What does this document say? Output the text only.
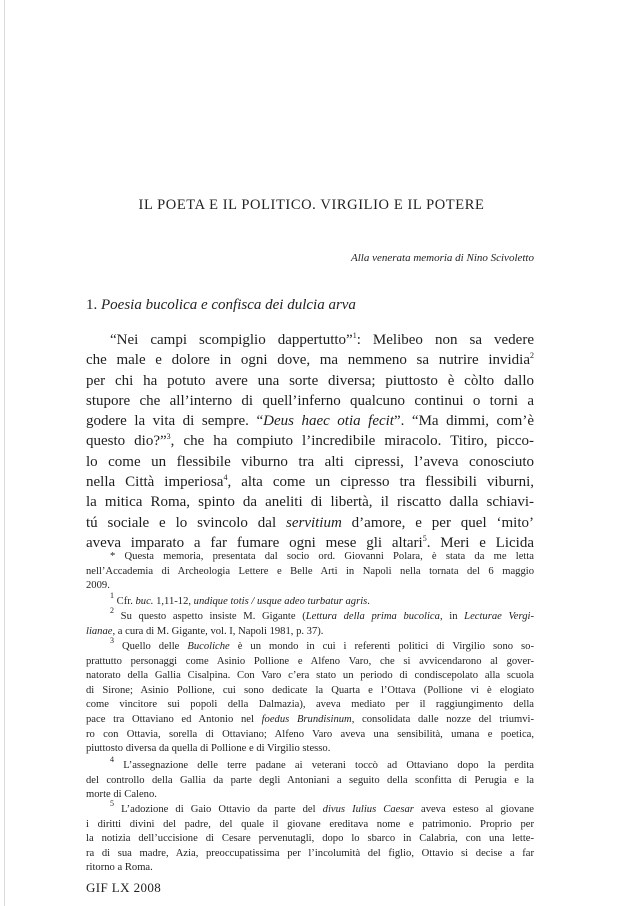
IL POETA E IL POLITICO. VIRGILIO E IL POTERE
Alla venerata memoria di Nino Scivoletto
1. Poesia bucolica e confisca dei dulcia arva
“Nei campi scompiglio dappertutto”$^1$: Melibeo non sa vedere
che male e dolore in ogni dove, ma nemmeno sa nutrire invidia$^2$
per chi ha potuto avere una sorte diversa; piuttosto è còlto dallo
stupore che all’interno di quell’inferno qualcuno continui o torni a
godere la vita di sempre. “Deus haec otia fecit”. “Ma dimmi, com’è
questo dio?”$^3$, che ha compiuto l’incredibile miracolo. Titiro, picco-
lo come un flessibile viburno tra alti cipressi, l’aveva conosciuto
nella Città imperiosa$^4$, alta come un cipresso tra flessibili viburni,
la mitica Roma, spinto da aneliti di libertà, il riscatto dalla schiavi-
tú sociale e lo svincolo dal servitium d’amore, e per quel ‘mito’
aveva imparato a far fumare ogni mese gli altari$^5$. Meri e Licida
* Questa memoria, presentata dal socio ord. Giovanni Polara, è stata da me letta
nell’Accademia di Archeologia Lettere e Belle Arti in Napoli nella tornata del 6 maggio
2009.
$^1$ Cfr. buc. 1,11-12, undique totis / usque adeo turbatur agris.
$^2$ Su questo aspetto insiste M. Gigante (Lettura della prima bucolica, in Lecturae Vergi-
lianae, a cura di M. Gigante, vol. I, Napoli 1981, p. 37).
$^3$ Quello delle Bucoliche è un mondo in cui i referenti politici di Virgilio sono so-
prattutto personaggi come Asinio Pollione e Alfeno Varo, che si avvicendarono al gover-
natorato della Gallia Cisalpina. Con Varo c’era stato un periodo di condiscepolato alla scuola
di Sirone; Asinio Pollione, cui sono dedicate la Quarta e l’Ottava (Pollione vi è elogiato
come vincitore sui popoli della Dalmazia), aveva mediato per il raggiungimento della
pace tra Ottaviano ed Antonio nel foedus Brundisinum, consolidata dalle nozze del triumvi-
ro con Ottavia, sorella di Ottaviano; Alfeno Varo aveva una sensibilità, umana e poetica,
piuttosto diversa da quella di Pollione e di Virgilio stesso.
$^4$ L’assegnazione delle terre padane ai veterani toccò ad Ottaviano dopo la perdita
del controllo della Gallia da parte degli Antoniani a seguito della sconfitta di Perugia e la
morte di Caleno.
$^5$ L’adozione di Gaio Ottavio da parte del divus Iulius Caesar aveva esteso al giovane
i diritti divini del padre, del quale il giovane ereditava nome e patrimonio. Proprio per
la notizia dell’uccisione di Cesare pervenutagli, dopo lo sbarco in Calabria, con una lette-
ra di sua madre, Azia, preoccupatissima per l’incolumità del figlio, Ottavio si decise a far
ritorno a Roma.
GIF LX 2008
